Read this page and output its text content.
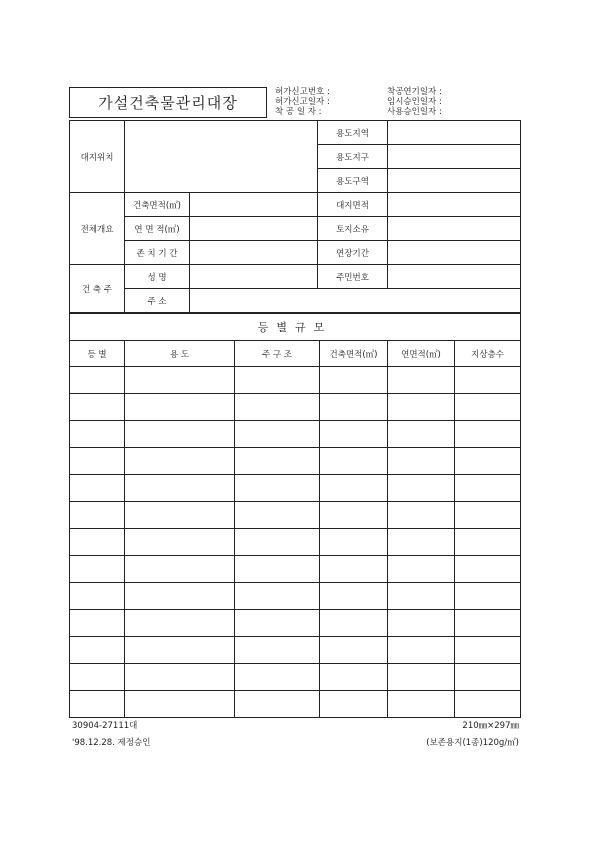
가설건축물관리대장
허가신고번호 :
허가신고일자 :
착 공 일 자 :
착공연기일자 :
임시승인일자 :
사용승인일자 :
대지위치			용도지역	
			용도지구	
			용도구역	
전체개요	건축면적(㎡)		대지면적	
	연 면 적(㎡)		토지소유	
	존 치 기 간		연장기간	
건 축 주	성 명		주민번호	
	주 소			
등별규모					
등 별	용 도	주 구 조	건축면적(㎡)	연면적(㎡)	지상층수

30904-27111대
'98.12.28. 제정승인
210㎜×297㎜
(보존용지(1종)120g/㎡)
